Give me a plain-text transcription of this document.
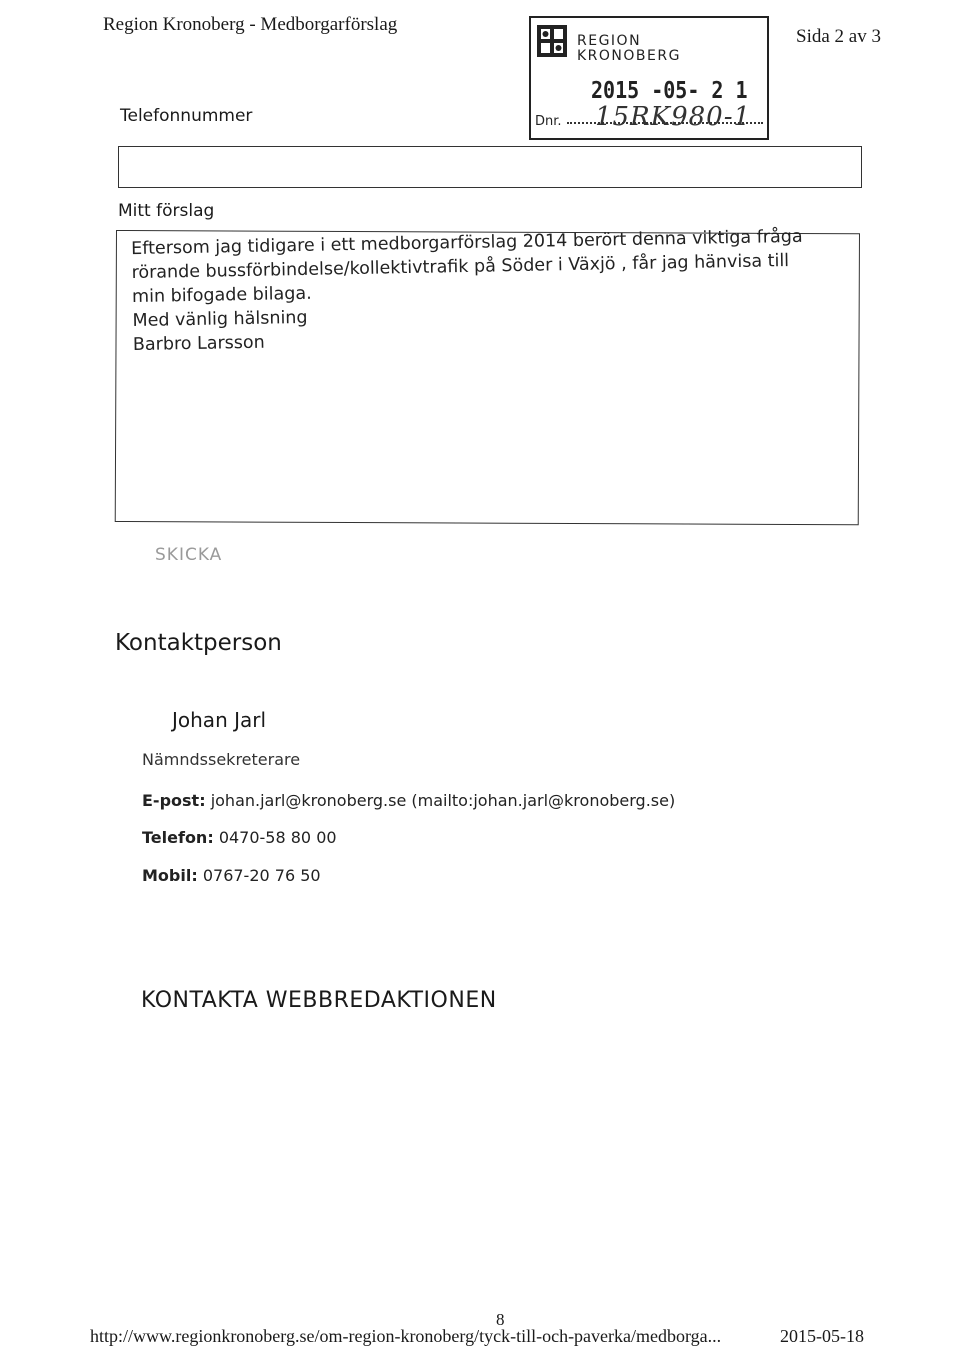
Region Kronoberg - Medborgarförslag
Sida 2 av 3
REGION
KRONOBERG
2015 -05- 2 1
Dnr. 15RK980-1
Telefonnummer
Mitt förslag
Eftersom jag tidigare i ett medborgarförslag 2014 berört denna viktiga fråga
rörande bussförbindelse/kollektivtrafik på Söder i Växjö , får jag hänvisa till
min bifogade bilaga.
Med vänlig hälsning
Barbro Larsson
SKICKA
Kontaktperson
Johan Jarl
Nämndssekreterare
E-post: johan.jarl@kronoberg.se (mailto:johan.jarl@kronoberg.se)
Telefon: 0470-58 80 00
Mobil: 0767-20 76 50
KONTAKTA WEBBREDAKTIONEN
8
http://www.regionkronoberg.se/om-region-kronoberg/tyck-till-och-paverka/medborga...	2015-05-18
